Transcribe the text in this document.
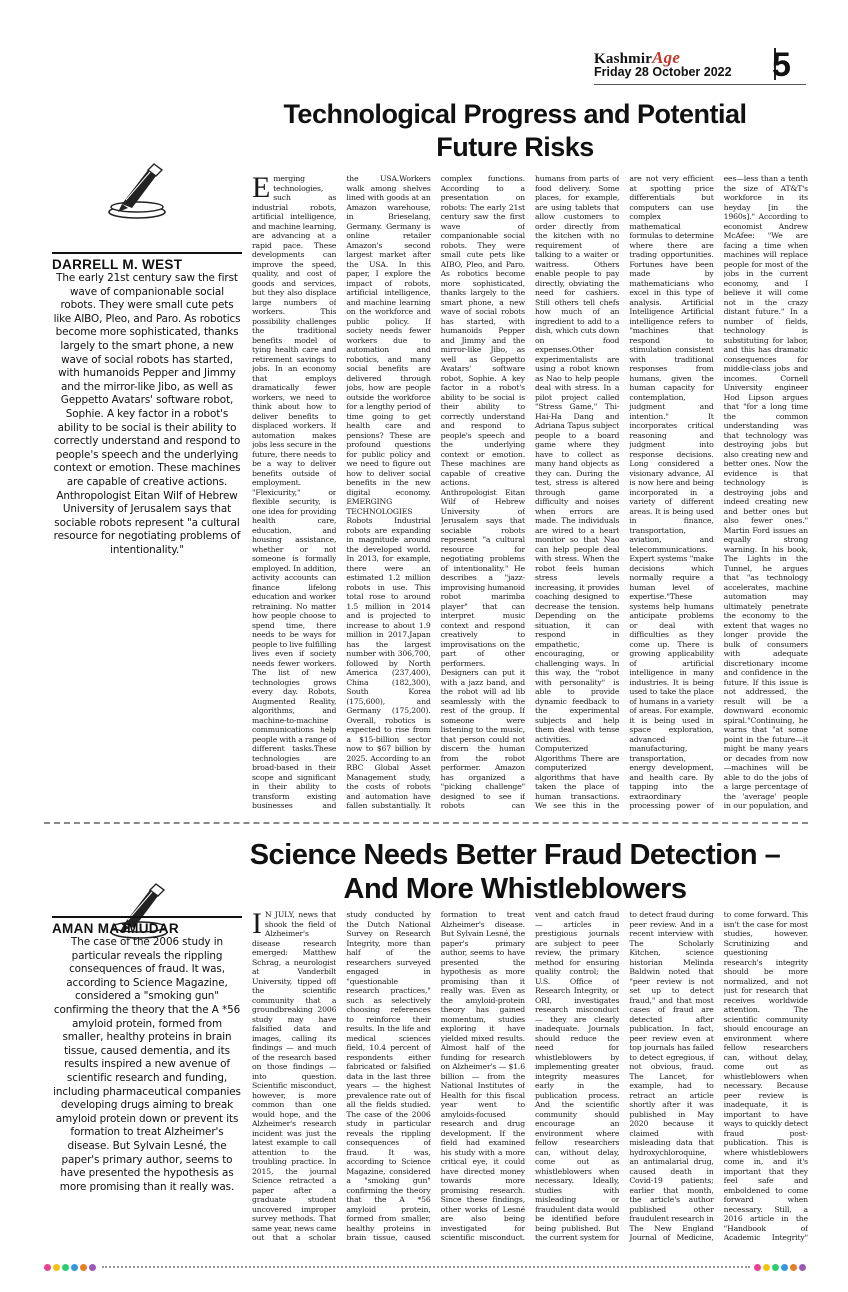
KashmirAge
Friday 28 October 2022 5
Technological Progress and Potential Future Risks
DARRELL M. WEST
The early 21st century saw the first wave of companionable social robots. They were small cute pets like AIBO, Pleo, and Paro. As robotics become more sophisticated, thanks largely to the smart phone, a new wave of social robots has started, with humanoids Pepper and Jimmy and the mirror-like Jibo, as well as Geppetto Avatars' software robot, Sophie. A key factor in a robot's ability to be social is their ability to correctly understand and respond to people's speech and the underlying context or emotion. These machines are capable of creative actions. Anthropologist Eitan Wilf of Hebrew University of Jerusalem says that sociable robots represent "a cultural resource for negotiating problems of intentionality."
Emerging technologies, such as industrial robots, artificial intelligence, and machine learning, are advancing at a rapid pace. These developments can improve the speed, quality, and cost of goods and services, but they also displace large numbers of workers. This possibility challenges the traditional benefits model of tying health care and retirement savings to jobs. In an economy that employs dramatically fewer workers, we need to think about how to deliver benefits to displaced workers. If automation makes jobs less secure in the future, there needs to be a way to deliver benefits outside of employment. "Flexicurity," or flexible security, is one idea for providing health care, education, and housing assistance, whether or not someone is formally employed. In addition, activity accounts can finance lifelong education and worker retraining. No matter how people choose to spend time, there needs to be ways for people to live fulfilling lives even if society needs fewer workers. The list of new technologies grows every day. Robots, Augmented Reality, algorithms, and machine-to-machine communications help people with a range of different tasks.These technologies are broad-based in their scope and significant in their ability to transform existing businesses and
the USA.Workers walk among shelves lined with goods at an Amazon warehouse, in Brieselang, Germany. Germany is online retailer Amazon's second largest market after the USA. In this paper, I explore the impact of robots, artificial intelligence, and machine learning on the workforce and public policy. If society needs fewer workers due to automation and robotics, and many social benefits are delivered through jobs, how are people outside the workforce for a lengthy period of time going to get health care and pensions? These are profound questions for public policy and we need to figure out how to deliver social benefits in the new digital economy. EMERGING TECHNOLOGIES Robots Industrial robots are expanding in magnitude around the developed world. In 2013, for example, there were an estimated 1.2 million robots in use. This total rose to around 1.5 million in 2014 and is projected to increase to about 1.9 million in 2017.Japan has the largest number with 306,700, followed by North America (237,400), China (182,300), South Korea (175,600), and Germany (175,200). Overall, robotics is expected to rise from a $15-billion sector now to $67 billion by 2025. According to an RBC Global Asset Management study, the costs of robots and automation have fallen substantially. It
complex functions. According to a presentation on robots: The early 21st century saw the first wave of companionable social robots. They were small cute pets like AIBO, Pleo, and Paro. As robotics become more sophisticated, thanks largely to the smart phone, a new wave of social robots has started, with humanoids Pepper and Jimmy and the mirror-like Jibo, as well as Geppetto Avatars' software robot, Sophie. A key factor in a robot's ability to be social is their ability to correctly understand and respond to people's speech and the underlying context or emotion. These machines are capable of creative actions. Anthropologist Eitan Wilf of Hebrew University of Jerusalem says that sociable robots represent "a cultural resource for negotiating problems of intentionality." He describes a "jazz-improvising humanoid robot marimba player" that can interpret music context and respond creatively to improvisations on the part of other performers. Designers can put it with a jazz band, and the robot will ad lib seamlessly with the rest of the group. If someone were listening to the music, that person could not discern the human from the robot performer. Amazon has organized a "picking challenge" designed to see if robots can
humans from parts of food delivery. Some places, for example, are using tablets that allow customers to order directly from the kitchen with no requirement of talking to a waiter or waitress. Others enable people to pay directly, obviating the need for cashiers. Still others tell chefs how much of an ingredient to add to a dish, which cuts down on food expenses.Other experimentalists are using a robot known as Nao to help people deal with stress. In a pilot project called "Stress Game," Thi-Hai-Ha Dang and Adriana Tapus subject people to a board game where they have to collect as many hand objects as they can. During the test, stress is altered through game difficulty and noises when errors are made. The individuals are wired to a heart monitor so that Nao can help people deal with stress. When the robot feels human stress levels increasing, it provides coaching designed to decrease the tension. Depending on the situation, it can respond in empathetic, encouraging, or challenging ways. In this way, the "robot with personality" is able to provide dynamic feedback to the experimental subjects and help them deal with tense activities. Computerized Algorithms There are computerized algorithms that have taken the place of human transactions. We see this in the
are not very efficient at spotting price differentials but computers can use complex mathematical formulas to determine where there are trading opportunities. Fortunes have been made by mathematicians who excel in this type of analysis. Artificial Intelligence Artificial intelligence refers to "machines that respond to stimulation consistent with traditional responses from humans, given the human capacity for contemplation, judgment and intention." It incorporates critical reasoning and judgment into response decisions. Long considered a visionary advance, AI is now here and being incorporated in a variety of different areas. It is being used in finance, transportation, aviation, and telecommunications. Expert systems "make decisions which normally require a human level of expertise."These systems help humans anticipate problems or deal with difficulties as they come up. There is growing applicability of artificial intelligence in many industries. It is being used to take the place of humans in a variety of areas. For example, it is being used in space exploration, advanced manufacturing, transportation, energy development, and health care. By tapping into the extraordinary processing power of
ees—less than a tenth the size of AT&T's workforce in its heyday [in the 1960s]." According to economist Andrew McAfee: "We are facing a time when machines will replace people for most of the jobs in the current economy, and I believe it will come not in the crazy distant future." In a number of fields, technology is substituting for labor, and this has dramatic consequences for middle-class jobs and incomes. Cornell University engineer Hod Lipson argues that "for a long time the common understanding was that technology was destroying jobs but also creating new and better ones. Now the evidence is that technology is destroying jobs and indeed creating new and better ones but also fewer ones." Martin Ford issues an equally strong warning. In his book, The Lights in the Tunnel, he argues that "as technology accelerates, machine automation may ultimately penetrate the economy to the extent that wages no longer provide the bulk of consumers with adequate discretionary income and confidence in the future. If this issue is not addressed, the result will be a downward economic spiral."Continuing, he warns that "at some point in the future—it might be many years or decades from now—machines will be able to do the jobs of a large percentage of the 'average' people in our population, and
Science Needs Better Fraud Detection – And More Whistleblowers
AMAN MAJMUDAR
The case of the 2006 study in particular reveals the rippling consequences of fraud. It was, according to Science Magazine, considered a "smoking gun" confirming the theory that the A *56 amyloid protein, formed from smaller, healthy proteins in brain tissue, caused dementia, and its results inspired a new avenue of scientific research and funding, including pharmaceutical companies developing drugs aiming to break amyloid protein down or prevent its formation to treat Alzheimer's disease. But Sylvain Lesné, the paper's primary author, seems to have presented the hypothesis as more promising than it really was.
I N JULY, news that shook the field of Alzheimer's disease research emerged: Matthew Schrag, a neurologist at Vanderbilt University, tipped off the scientific community that a groundbreaking 2006 study may have falsified data and images, calling its findings — and much of the research based on those findings — into question. Scientific misconduct, however, is more common than one would hope, and the Alzheimer's research incident was just the latest example to call attention to the troubling practice. In 2015, the journal Science retracted a paper after a graduate student uncovered improper survey methods. That same year, news came out that a scholar
study conducted by the Dutch National Survey on Research Integrity, more than half of the researchers surveyed engaged in "questionable research practices," such as selectively choosing references to reinforce their results. In the life and medical sciences field, 10.4 percent of respondents either fabricated or falsified data in the last three years — the highest prevalence rate out of all the fields studied. The case of the 2006 study in particular reveals the rippling consequences of fraud. It was, according to Science Magazine, considered a "smoking gun" confirming the theory that the A *56 amyloid protein, formed from smaller, healthy proteins in brain tissue, caused
formation to treat Alzheimer's disease. But Sylvain Lesné, the paper's primary author, seems to have presented the hypothesis as more promising than it really was. Even as the amyloid-protein theory has gained momentum, studies exploring it have yielded mixed results. Almost half of the funding for research on Alzheimer's — $1.6 billion — from the National Institutes of Health for this fiscal year went to amyloids-focused research and drug development. If the field had examined his study with a more critical eye, it could have directed money towards more promising research. Since these findings, other works of Lesné are also being investigated for scientific misconduct.
vent and catch fraud — articles in prestigious journals are subject to peer review, the primary method for ensuring quality control; the U.S. Office of Research Integrity, or ORI, investigates research misconduct — they are clearly inadequate. Journals should reduce the need for whistleblowers by implementing greater integrity measures early in the publication process. And the scientific community should encourage an environment where fellow researchers can, without delay, come out as whistleblowers when necessary. Ideally, studies with misleading or fraudulent data would be identified before being published. But the current system for
to detect fraud during peer review. And in a recent interview with The Scholarly Kitchen, science historian Melinda Baldwin noted that "peer review is not set up to detect fraud," and that most cases of fraud are detected after publication. In fact, peer review even at top journals has failed to detect egregious, if not obvious, fraud. The Lancet, for example, had to retract an article shortly after it was published in May 2020 because it claimed with misleading data that hydroxychloroquine, an antimalarial drug, caused death in Covid-19 patients; earlier that month, the article's author published other fraudulent research in The New England Journal of Medicine,
to come forward. This isn't the case for most studies, however. Scrutinizing and questioning research's integrity should be more normalized, and not just for research that receives worldwide attention. The scientific community should encourage an environment where fellow researchers can, without delay, come out as whistleblowers when necessary. Because peer review is inadequate, it is important to have ways to quickly detect fraud post-publication. This is where whistleblowers come in, and it's important that they feel safe and emboldened to come forward when necessary. Still, a 2016 article in the "Handbook of Academic Integrity"
